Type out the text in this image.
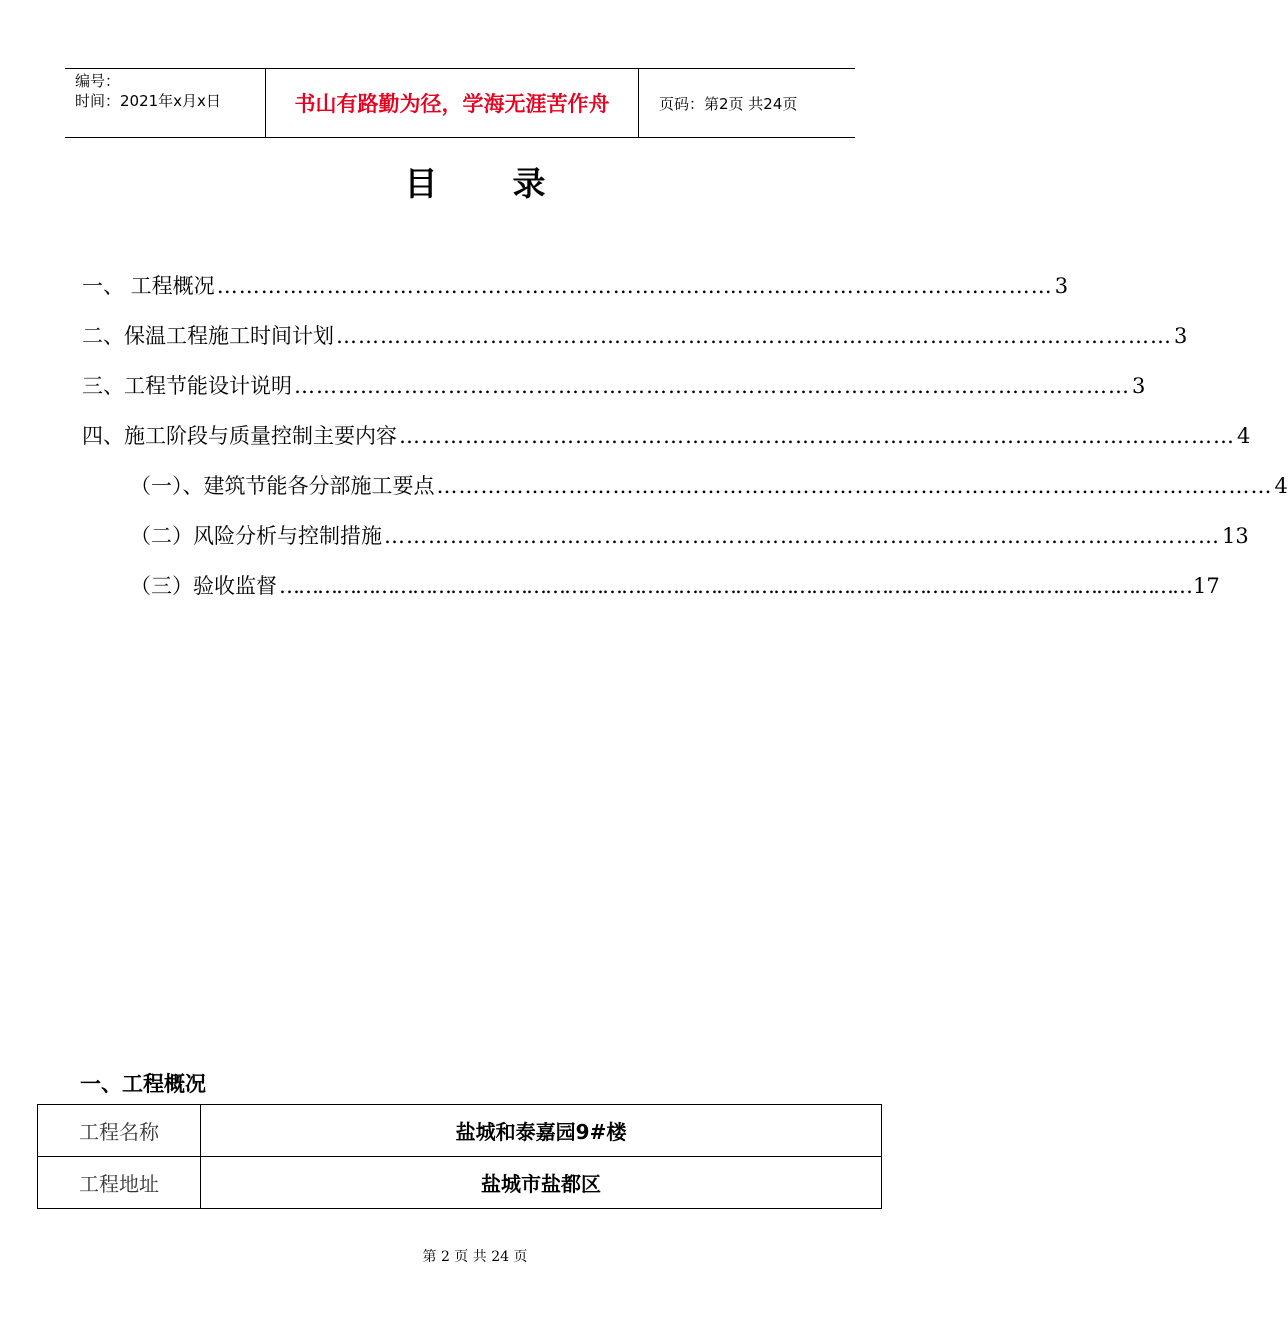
编号：
时间：2021年x月x日	书山有路勤为径，学海无涯苦作舟	页码：第2页 共24页
目录
一、 工程概况 …………………………………………………………………………………………………… 3
二、保温工程施工时间计划 …………………………………………………………………………………………………… 3
三、工程节能设计说明 …………………………………………………………………………………………………… 3
四、施工阶段与质量控制主要内容 …………………………………………………………………………………………………… 4
（一）、建筑节能各分部施工要点 …………………………………………………………………………………………………… 4
（二）风险分析与控制措施 …………………………………………………………………………………………………… 13
（三）验收监督 ……………………………………………………………………………………………………………………………… 17
一、工程概况
工程名称	盐城和泰嘉园9#楼
工程地址	盐城市盐都区
第 2 页 共 24 页
